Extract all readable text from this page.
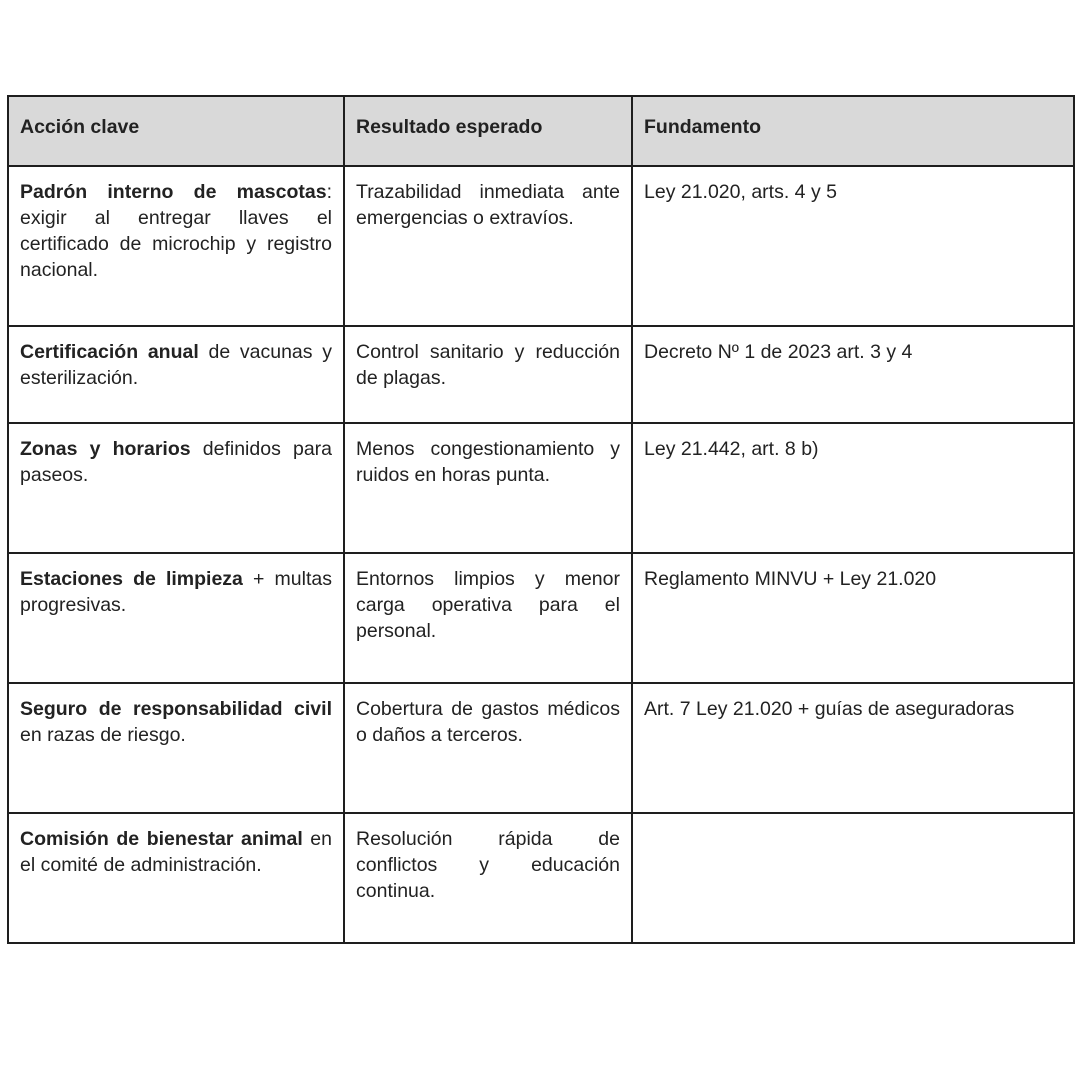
Acción clave	Resultado esperado	Fundamento
Padrón interno de mascotas: exigir al entregar llaves el certificado de microchip y registro nacional.	Trazabilidad inmediata ante emergencias o extravíos.	Ley 21.020, arts. 4 y 5
Certificación anual de vacunas y esterilización.	Control sanitario y reducción de plagas.	Decreto Nº 1 de 2023 art. 3 y 4
Zonas y horarios definidos para paseos.	Menos congestionamiento y ruidos en horas punta.	Ley 21.442, art. 8 b)
Estaciones de limpieza + multas progresivas.	Entornos limpios y menor carga operativa para el personal.	Reglamento MINVU + Ley 21.020
Seguro de responsabilidad civil en razas de riesgo.	Cobertura de gastos médicos o daños a terceros.	Art. 7 Ley 21.020 + guías de aseguradoras
Comisión de bienestar animal en el comité de administración.	Resolución rápida de conflictos y educación continua.	
